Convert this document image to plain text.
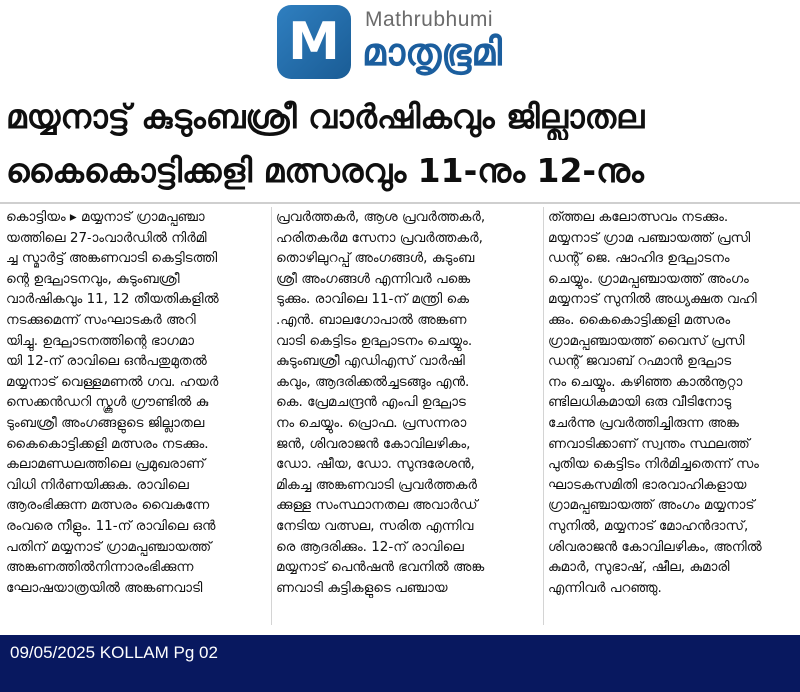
M	Mathrubhumi
മാതൃഭൂമി
മയ്യനാട്ട് കുടുംബശ്രീ വാർഷികവും ജില്ലാതല
കൈകൊട്ടിക്കളി മത്സരവും 11-നും 12-നും
കൊട്ടിയം ▸ മയ്യനാട് ഗ്രാമപ്പഞ്ചാ
യത്തിലെ 27-ാംവാർഡിൽ നിർമി
ച്ച സ്മാർട്ട് അങ്കണവാടി കെട്ടിടത്തി
ന്റെ ഉദ്ഘാടനവും, കുടുംബശ്രീ
വാർഷികവും 11, 12 തീയതികളിൽ
നടക്കുമെന്ന് സംഘാടകർ അറി
യിച്ചു. ഉദ്ഘാടനത്തിന്റെ ഭാഗമാ
യി 12-ന് രാവിലെ ഒൻപതുമുതൽ
മയ്യനാട് വെള്ളമണൽ ഗവ. ഹയർ
സെക്കൻഡറി സ്കൂൾ ഗ്രൗണ്ടിൽ കു
ടുംബശ്രീ അംഗങ്ങളുടെ ജില്ലാതല
കൈകൊട്ടിക്കളി മത്സരം നടക്കും.
കലാമണ്ഡലത്തിലെ പ്രമുഖരാണ്
വിധി നിർണയിക്കുക. രാവിലെ
ആരംഭിക്കുന്ന മത്സരം വൈകുന്നേ
രംവരെ നീളും. 11-ന് രാവിലെ ഒൻ
പതിന് മയ്യനാട് ഗ്രാമപ്പഞ്ചായത്ത്
അങ്കണത്തിൽനിന്നാരംഭിക്കുന്ന
ഘോഷയാത്രയിൽ അങ്കണവാടി
പ്രവർത്തകർ, ആശ പ്രവർത്തകർ,
ഹരിതകർമ സേനാ പ്രവർത്തകർ,
തൊഴിലുറപ്പ് അംഗങ്ങൾ, കുടുംബ
ശ്രീ അംഗങ്ങൾ എന്നിവർ പങ്കെ
ടുക്കും. രാവിലെ 11-ന് മന്ത്രി കെ
.എൻ. ബാലഗോപാൽ അങ്കണ
വാടി കെട്ടിടം ഉദ്ഘാടനം ചെയ്യും.
കുടുംബശ്രീ എഡിഎസ് വാർഷി
കവും, ആദരിക്കൽച്ചടങ്ങും എൻ.
കെ. പ്രേമചന്ദ്രൻ എംപി ഉദ്ഘാട
നം ചെയ്യും. പ്രൊഫ. പ്രസന്നരാ
ജൻ, ശിവരാജൻ കോവിലഴികം,
ഡോ. ഷീയ, ഡോ. സുന്ദരേശൻ,
മികച്ച അങ്കണവാടി പ്രവർത്തകർ
ക്കുള്ള സംസ്ഥാനതല അവാർഡ്
നേടിയ വത്സല, സരിത എന്നിവ
രെ ആദരിക്കും. 12-ന് രാവിലെ
മയ്യനാട് പെൻഷൻ ഭവനിൽ അങ്ക
ണവാടി കുട്ടികളുടെ പഞ്ചായ
ത്ത്തല കലോത്സവം നടക്കും.
മയ്യനാട് ഗ്രാമ പഞ്ചായത്ത് പ്രസി
ഡന്റ് ജെ. ഷാഹിദ ഉദ്ഘാടനം
ചെയ്യും. ഗ്രാമപ്പഞ്ചായത്ത് അംഗം
മയ്യനാട് സുനിൽ അധ്യക്ഷത വഹി
ക്കും. കൈകൊട്ടിക്കളി മത്സരം
ഗ്രാമപ്പഞ്ചായത്ത് വൈസ് പ്രസി
ഡന്റ് ജവാബ് റഹ്മാൻ ഉദ്ഘാട
നം ചെയ്യും. കഴിഞ്ഞ കാൽനൂറ്റാ
ണ്ടിലധികമായി ഒരു വീടിനോടു
ചേർന്നു പ്രവർത്തിച്ചിരുന്ന അങ്ക
ണവാടിക്കാണ് സ്വന്തം സ്ഥലത്ത്
പുതിയ കെട്ടിടം നിർമിച്ചതെന്ന് സം
ഘാടകസമിതി ഭാരവാഹികളായ
ഗ്രാമപ്പഞ്ചായത്ത് അംഗം മയ്യനാട്
സുനിൽ, മയ്യനാട് മോഹൻദാസ്,
ശിവരാജൻ കോവിലഴികം, അനിൽ
കുമാർ, സുഭാഷ്, ഷീല, കുമാരി
എന്നിവർ പറഞ്ഞു.
09/05/2025 KOLLAM Pg 02
